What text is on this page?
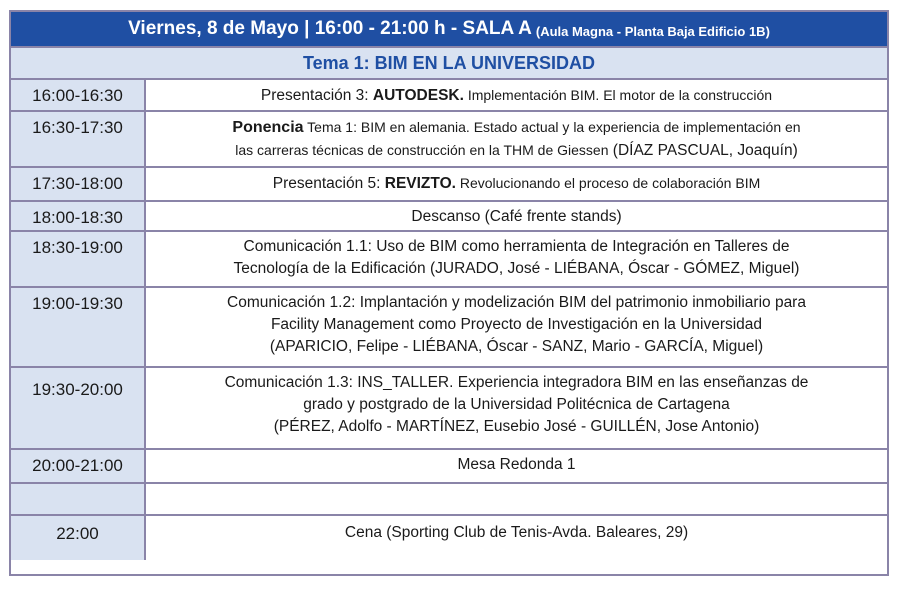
Viernes, 8 de Mayo | 16:00 - 21:00 h - SALA A (Aula Magna - Planta Baja Edificio 1B)
Tema 1: BIM EN LA UNIVERSIDAD
16:00-16:30	Presentación 3: AUTODESK. Implementación BIM. El motor de la construcción
16:30-17:30	Ponencia Tema 1: BIM en alemania. Estado actual y la experiencia de implementación en
las carreras técnicas de construcción en la THM de Giessen (DÍAZ PASCUAL, Joaquín)
17:30-18:00	Presentación 5: REVIZTO. Revolucionando el proceso de colaboración BIM
18:00-18:30	Descanso (Café frente stands)
18:30-19:00	Comunicación 1.1: Uso de BIM como herramienta de Integración en Talleres de
Tecnología de la Edificación (JURADO, José - LIÉBANA, Óscar - GÓMEZ, Miguel)
19:00-19:30	Comunicación 1.2: Implantación y modelización BIM del patrimonio inmobiliario para
Facility Management como Proyecto de Investigación en la Universidad
(APARICIO, Felipe - LIÉBANA, Óscar - SANZ, Mario - GARCÍA, Miguel)
19:30-20:00	Comunicación 1.3: INS_TALLER. Experiencia integradora BIM en las enseñanzas de
grado y postgrado de la Universidad Politécnica de Cartagena
(PÉREZ, Adolfo - MARTÍNEZ, Eusebio José - GUILLÉN, Jose Antonio)
20:00-21:00	Mesa Redonda 1
22:00	Cena (Sporting Club de Tenis-Avda. Baleares, 29)
